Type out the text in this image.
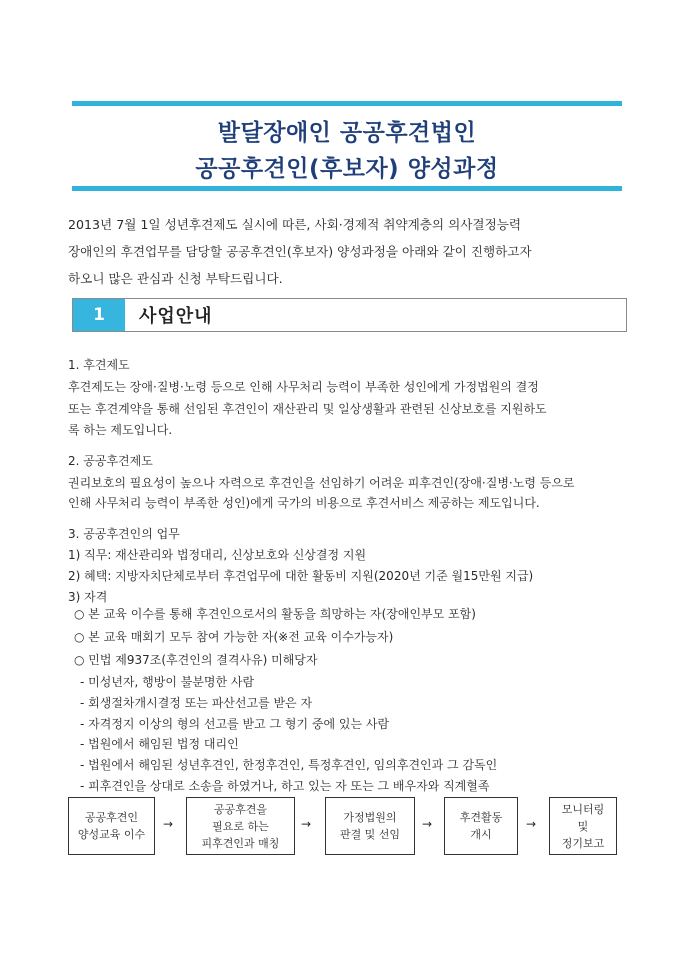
발달장애인 공공후견법인
공공후견인(후보자) 양성과정

2013년 7월 1일 성년후견제도 실시에 따른, 사회·경제적 취약계층의 의사결정능력
장애인의 후견업무를 담당할 공공후견인(후보자) 양성과정을 아래와 같이 진행하고자
하오니 많은 관심과 신청 부탁드립니다.

1	사업안내
1. 후견제도
후견제도는 장애·질병·노령 등으로 인해 사무처리 능력이 부족한 성인에게 가정법원의 결정
또는 후견계약을 통해 선임된 후견인이 재산관리 및 일상생활과 관련된 신상보호를 지원하도
록 하는 제도입니다.
2. 공공후견제도
권리보호의 필요성이 높으나 자력으로 후견인을 선임하기 어려운 피후견인(장애·질병·노령 등으로
인해 사무처리 능력이 부족한 성인)에게 국가의 비용으로 후견서비스 제공하는 제도입니다.
3. 공공후견인의 업무
1) 직무: 재산관리와 법정대리, 신상보호와 신상결정 지원
2) 혜택: 지방자치단체로부터 후견업무에 대한 활동비 지원(2020년 기준 월15만원 지급)
3) 자격
○ 본 교육 이수를 통해 후견인으로서의 활동을 희망하는 자(장애인부모 포함)
○ 본 교육 매회기 모두 참여 가능한 자(※전 교육 이수가능자)
○ 민법 제937조(후견인의 결격사유) 미해당자
- 미성년자, 행방이 불분명한 사람
- 회생절차개시결정 또는 파산선고를 받은 자
- 자격정지 이상의 형의 선고를 받고 그 형기 중에 있는 사람
- 법원에서 해임된 법정 대리인
- 법원에서 해임된 성년후견인, 한정후견인, 특정후견인, 임의후견인과 그 감독인
- 피후견인을 상대로 소송을 하였거나, 하고 있는 자 또는 그 배우자와 직계혈족
공공후견인
양성교육 이수
→
공공후견을
필요로 하는
피후견인과 매칭
→	가정법원의
판결 및 선임
→	후견활동
개시
→
모니터링
및
정기보고
